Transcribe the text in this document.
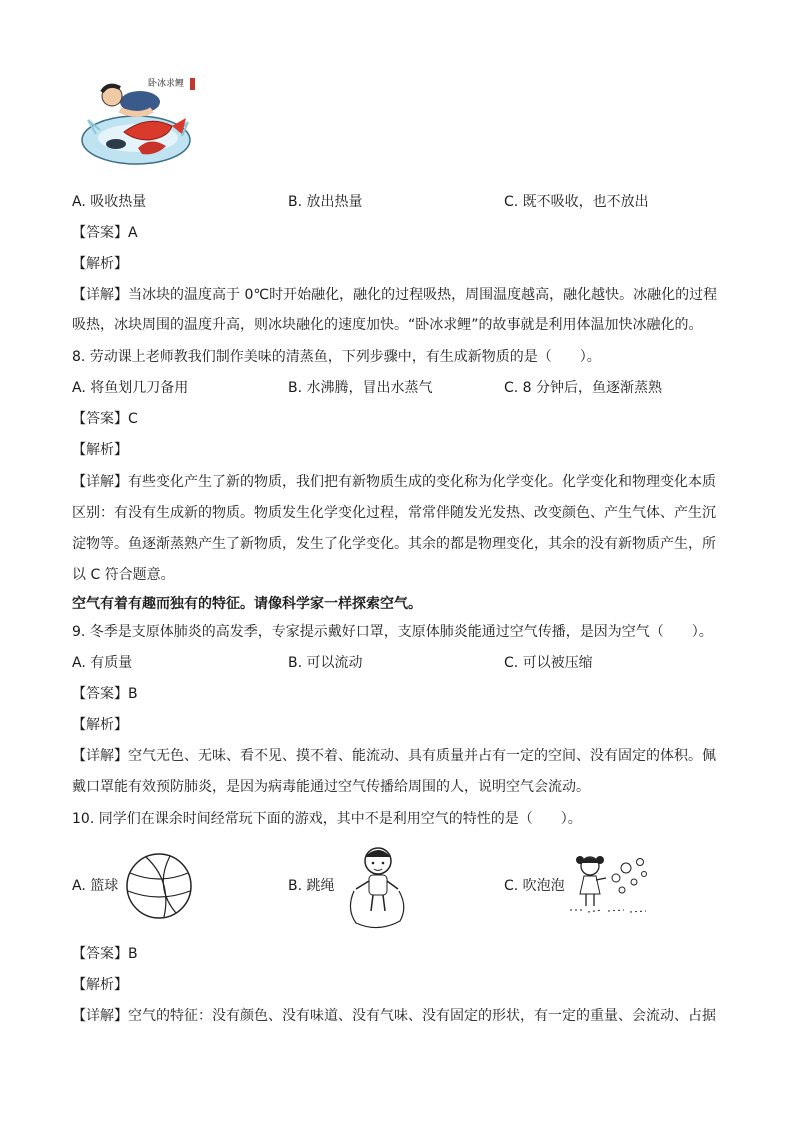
卧冰求鲤
A. 吸收热量	B. 放出热量	C. 既不吸收，也不放出
【答案】A
【解析】
【详解】当冰块的温度高于 0℃时开始融化，融化的过程吸热，周围温度越高，融化越快。冰融化的过程
吸热，冰块周围的温度升高，则冰块融化的速度加快。“卧冰求鲤”的故事就是利用体温加快冰融化的。
8. 劳动课上老师教我们制作美味的清蒸鱼，下列步骤中，有生成新物质的是（　　）。
A. 将鱼划几刀备用	B. 水沸腾，冒出水蒸气	C. 8 分钟后，鱼逐渐蒸熟
【答案】C
【解析】
【详解】有些变化产生了新的物质，我们把有新物质生成的变化称为化学变化。化学变化和物理变化本质
区别：有没有生成新的物质。物质发生化学变化过程，常常伴随发光发热、改变颜色、产生气体、产生沉
淀物等。鱼逐渐蒸熟产生了新物质，发生了化学变化。其余的都是物理变化，其余的没有新物质产生，所
以 C 符合题意。
空气有着有趣而独有的特征。请像科学家一样探索空气。
9. 冬季是支原体肺炎的高发季，专家提示戴好口罩，支原体肺炎能通过空气传播，是因为空气（　　）。
A. 有质量	B. 可以流动	C. 可以被压缩
【答案】B
【解析】
【详解】空气无色、无味、看不见、摸不着、能流动、具有质量并占有一定的空间、没有固定的体积。佩
戴口罩能有效预防肺炎，是因为病毒能通过空气传播给周围的人，说明空气会流动。
10. 同学们在课余时间经常玩下面的游戏，其中不是利用空气的特性的是（　　）。
A. 篮球	B. 跳绳	C. 吹泡泡
【答案】B
【解析】
【详解】空气的特征：没有颜色、没有味道、没有气味、没有固定的形状，有一定的重量、会流动、占据
